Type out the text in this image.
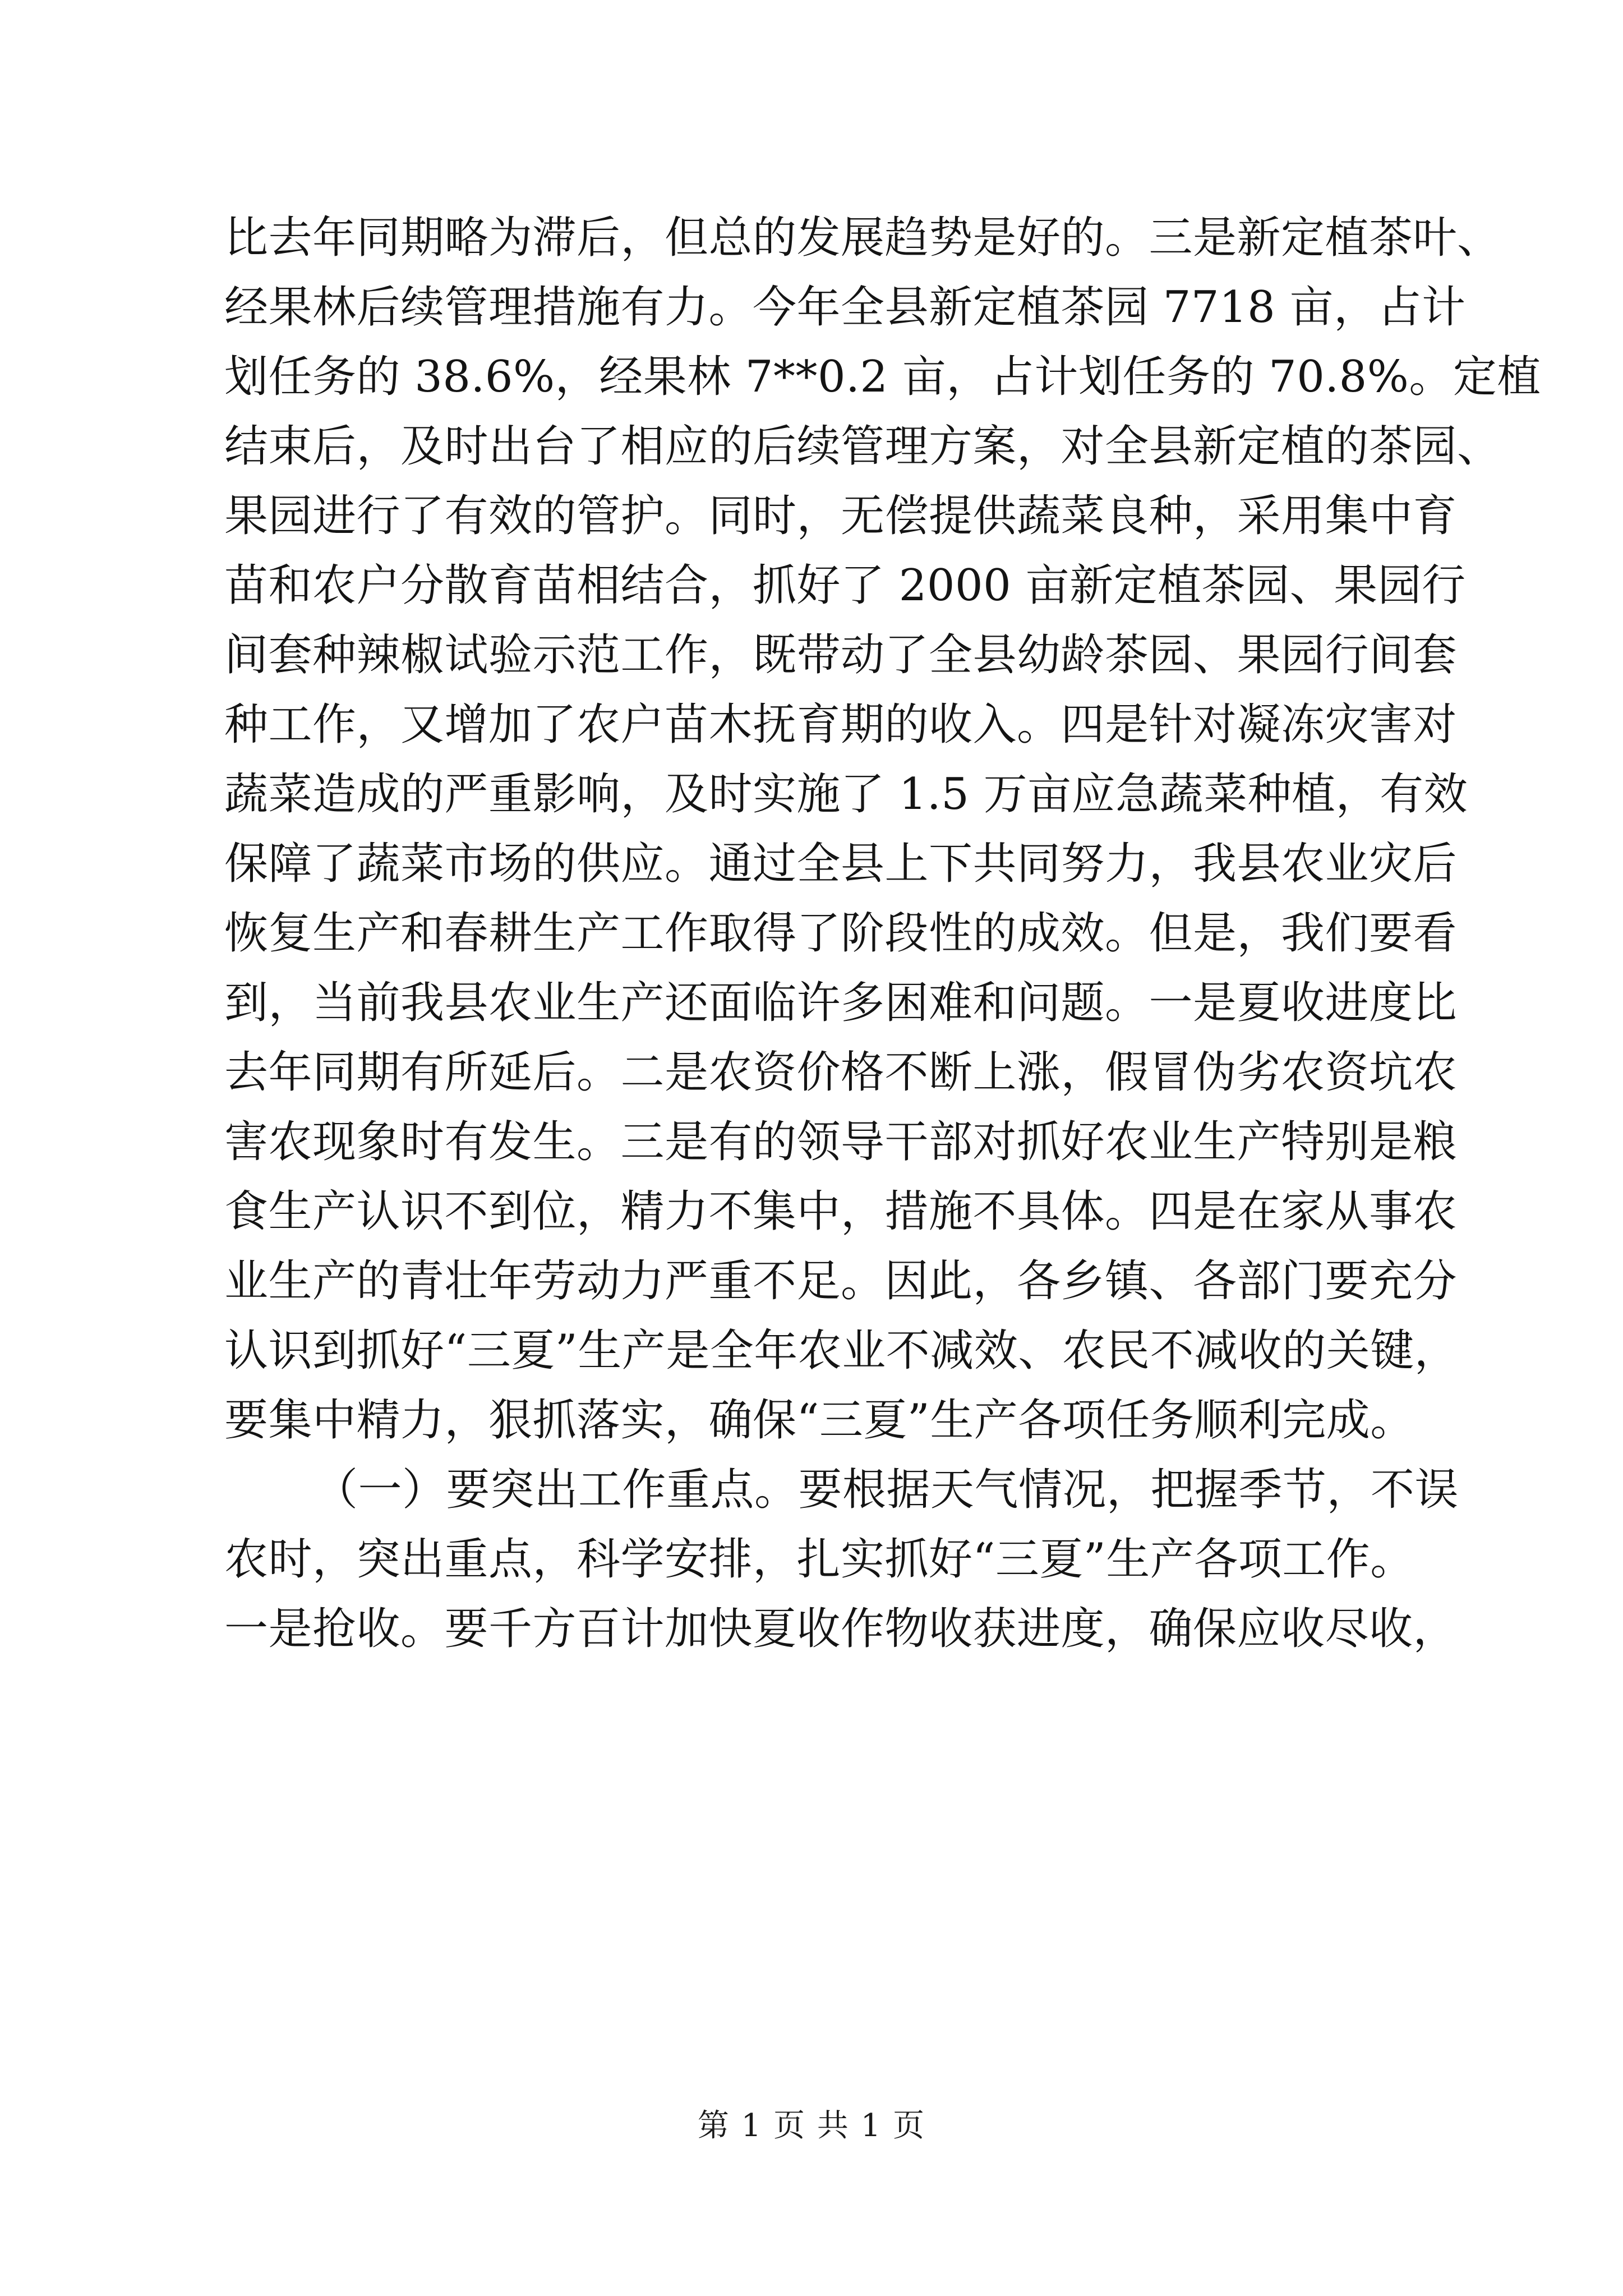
比去年同期略为滞后，但总的发展趋势是好的。三是新定植茶叶、
经果林后续管理措施有力。今年全县新定植茶园 7718 亩，占计
划任务的 38.6%，经果林 7**0.2 亩，占计划任务的 70.8%。定植
结束后，及时出台了相应的后续管理方案，对全县新定植的茶园、
果园进行了有效的管护。同时，无偿提供蔬菜良种，采用集中育
苗和农户分散育苗相结合，抓好了 2000 亩新定植茶园、果园行
间套种辣椒试验示范工作，既带动了全县幼龄茶园、果园行间套
种工作，又增加了农户苗木抚育期的收入。四是针对凝冻灾害对
蔬菜造成的严重影响，及时实施了 1.5 万亩应急蔬菜种植，有效
保障了蔬菜市场的供应。通过全县上下共同努力，我县农业灾后
恢复生产和春耕生产工作取得了阶段性的成效。但是，我们要看
到，当前我县农业生产还面临许多困难和问题。一是夏收进度比
去年同期有所延后。二是农资价格不断上涨，假冒伪劣农资坑农
害农现象时有发生。三是有的领导干部对抓好农业生产特别是粮
食生产认识不到位，精力不集中，措施不具体。四是在家从事农
业生产的青壮年劳动力严重不足。因此，各乡镇、各部门要充分
认识到抓好“三夏”生产是全年农业不减效、农民不减收的关键，
要集中精力，狠抓落实，确保“三夏”生产各项任务顺利完成。
（一）要突出工作重点。要根据天气情况，把握季节，不误
农时，突出重点，科学安排，扎实抓好“三夏”生产各项工作。
一是抢收。要千方百计加快夏收作物收获进度，确保应收尽收，
第 1 页 共 1 页
